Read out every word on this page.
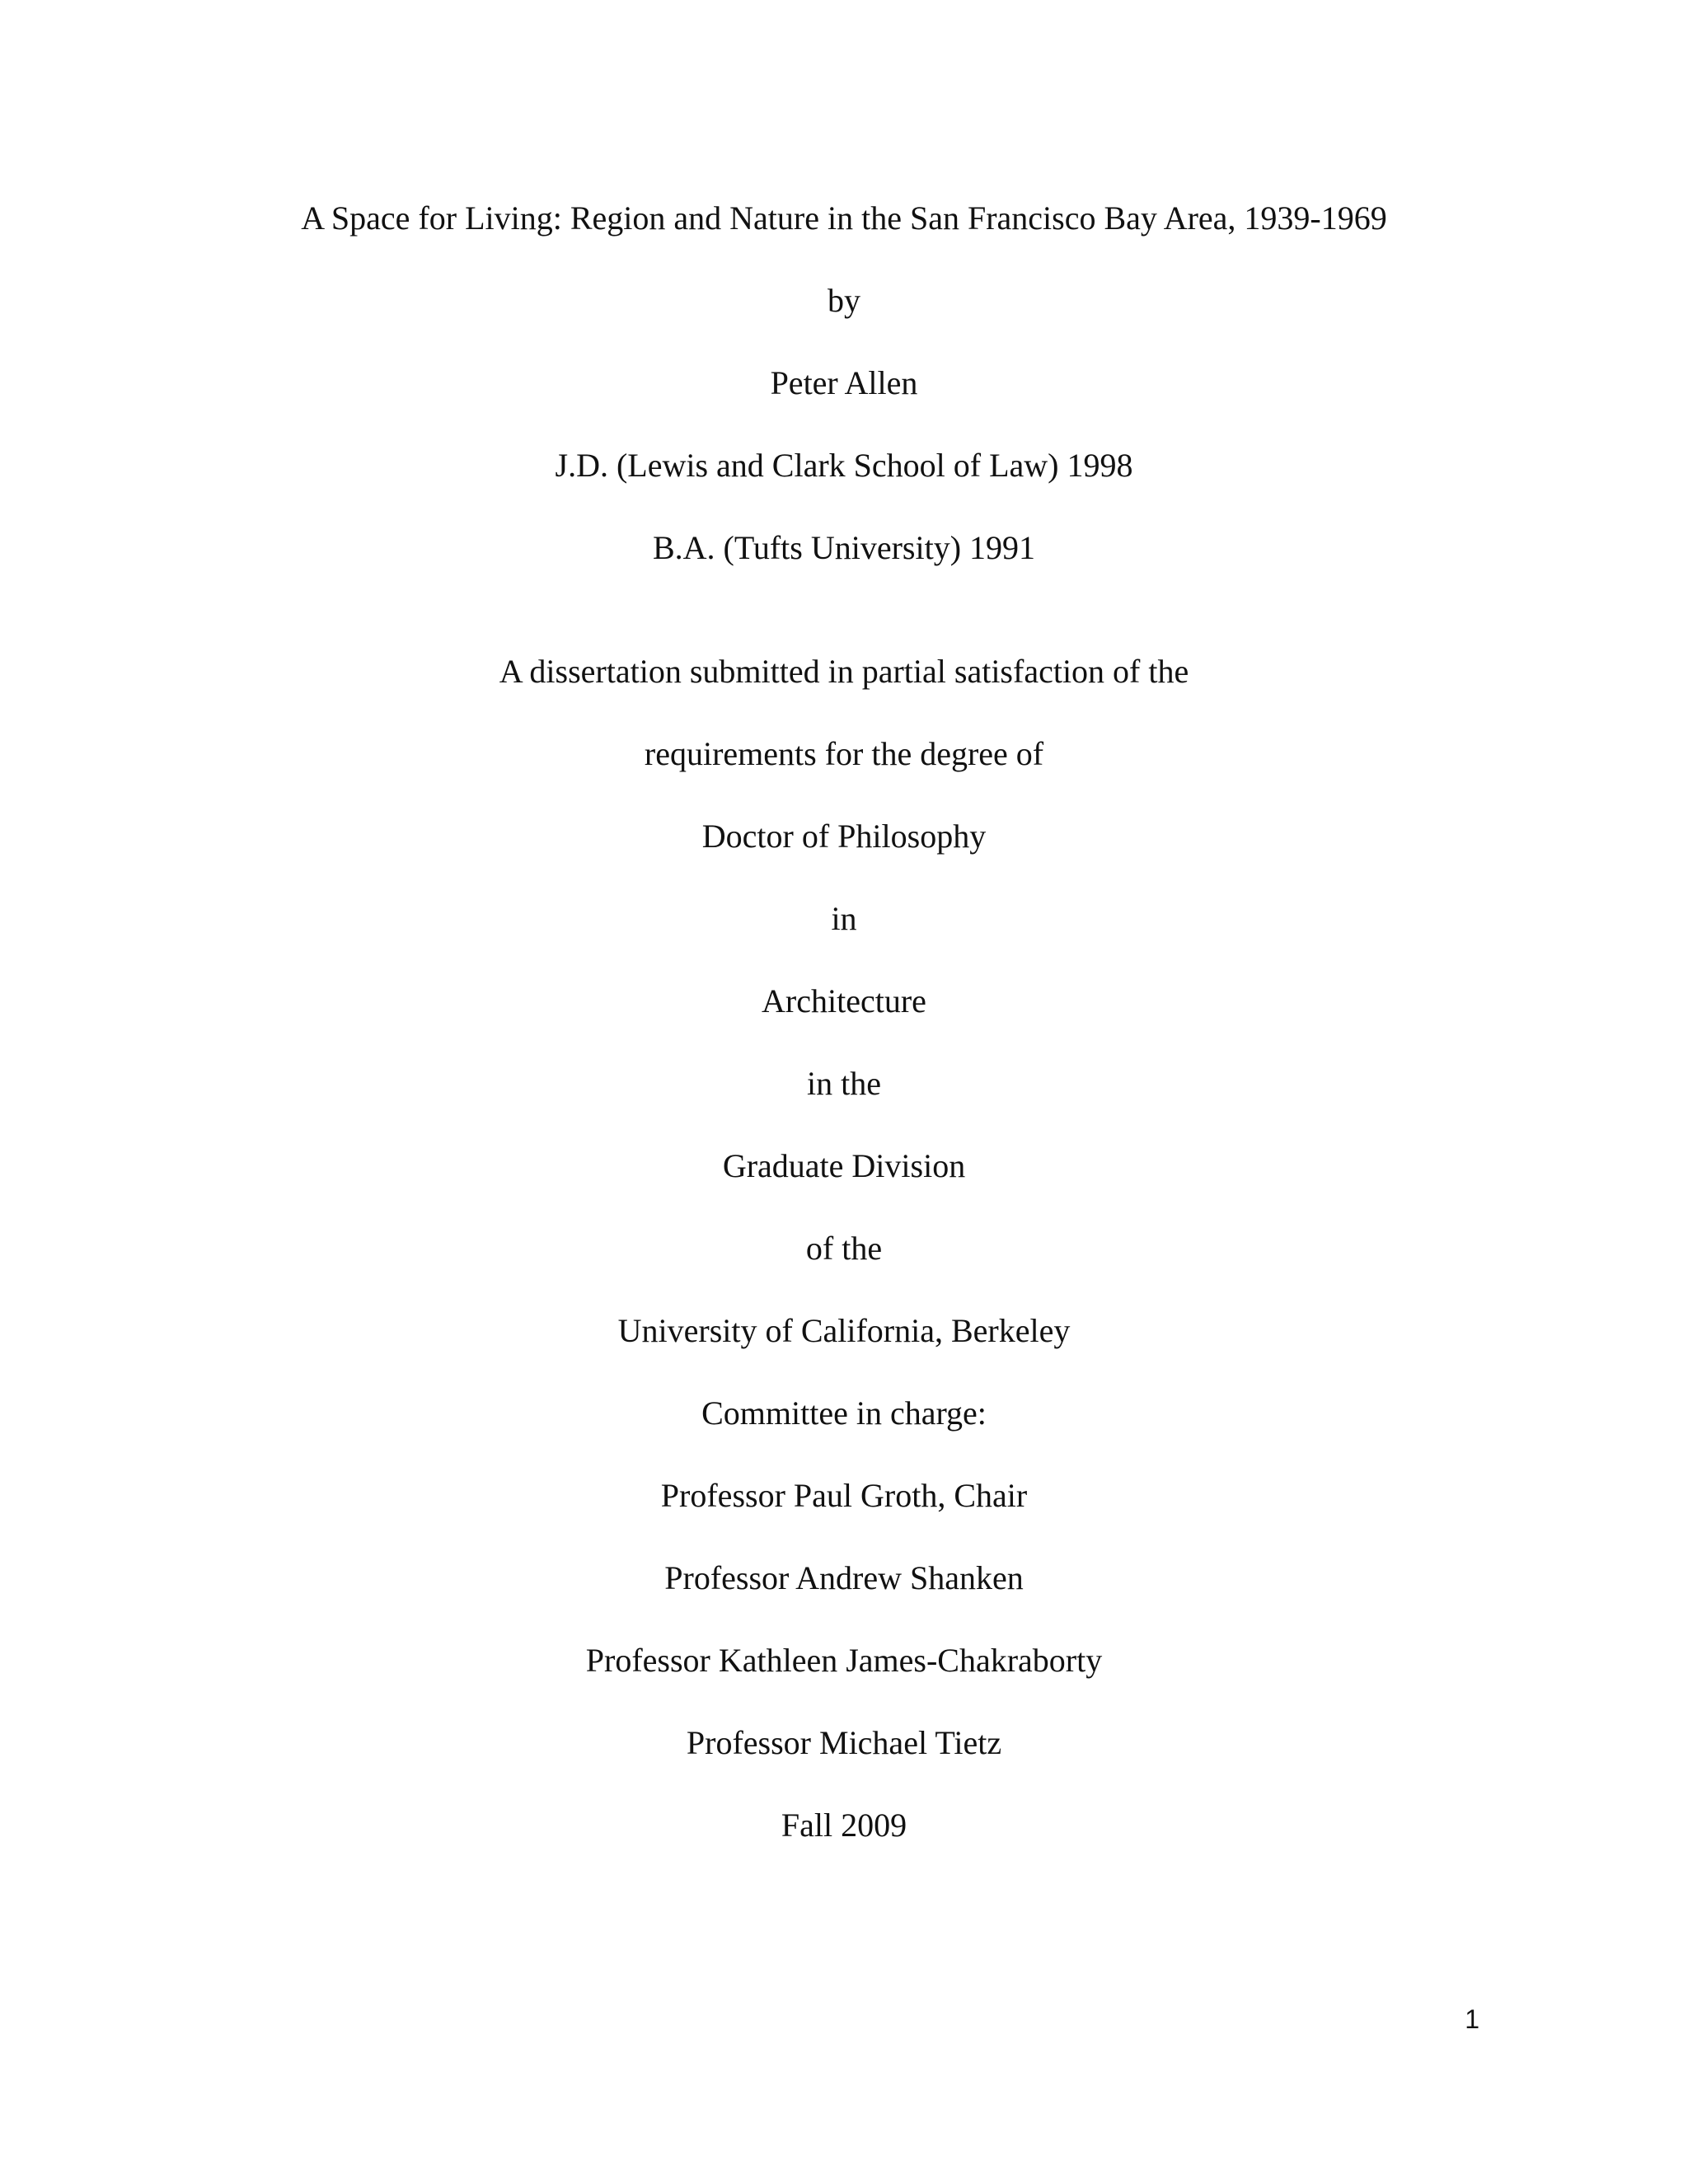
A Space for Living: Region and Nature in the San Francisco Bay Area, 1939-1969
by
Peter Allen
J.D. (Lewis and Clark School of Law) 1998
B.A. (Tufts University) 1991
A dissertation submitted in partial satisfaction of the
requirements for the degree of
Doctor of Philosophy
in
Architecture
in the
Graduate Division
of the
University of California, Berkeley
Committee in charge:
Professor Paul Groth, Chair
Professor Andrew Shanken
Professor Kathleen James-Chakraborty
Professor Michael Tietz
Fall 2009
1
